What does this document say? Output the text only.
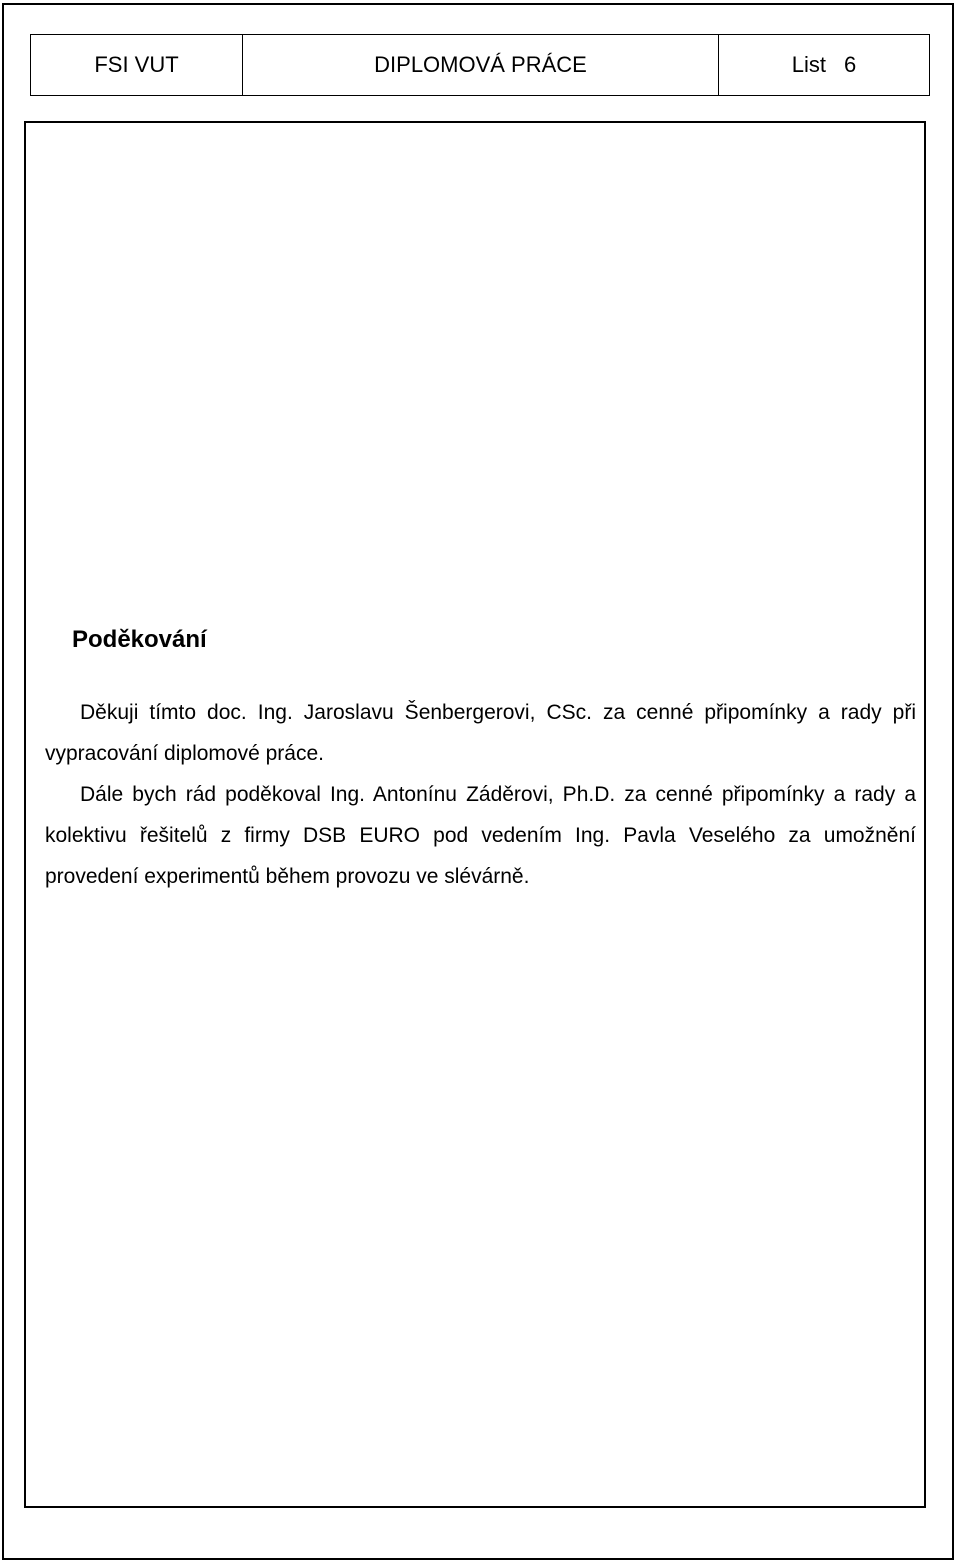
FSI VUT	DIPLOMOVÁ PRÁCE	List 6
Poděkování

Děkuji tímto doc. Ing. Jaroslavu Šenbergerovi, CSc. za cenné připomínky a rady při vypracování diplomové práce.

Dále bych rád poděkoval Ing. Antonínu Záděrovi, Ph.D. za cenné připomínky a rady a kolektivu řešitelů z firmy DSB EURO pod vedením Ing. Pavla Veselého za umožnění provedení experimentů během provozu ve slévárně.
